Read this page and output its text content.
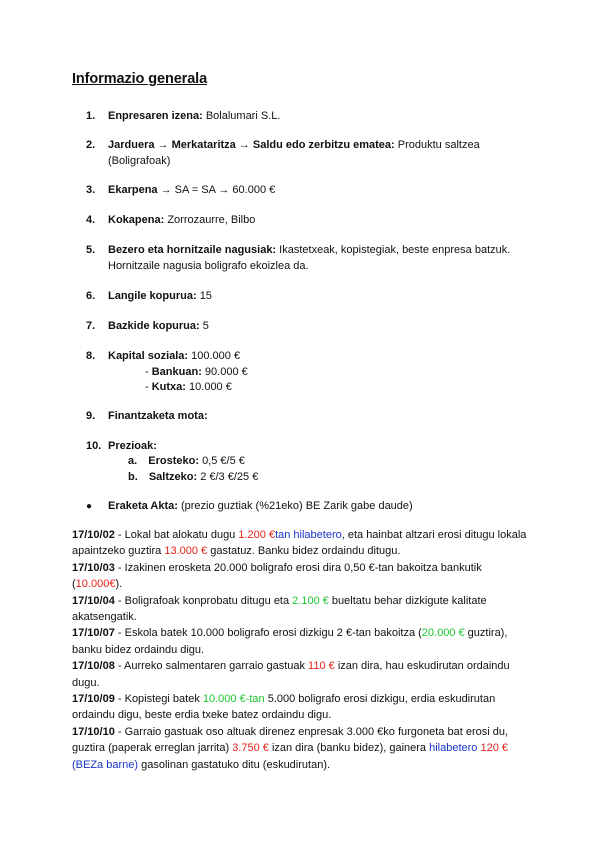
Informazio generala
1. Enpresaren izena: Bolalumari S.L.
2. Jarduera → Merkataritza → Saldu edo zerbitzu ematea: Produktu saltzea (Boligrafoak)
3. Ekarpena → SA = SA → 60.000 €
4. Kokapena: Zorrozaurre, Bilbo
5. Bezero eta hornitzaile nagusiak: Ikastetxeak, kopistegiak, beste enpresa batzuk. Hornitzaile nagusia boligrafo ekoizlea da.
6. Langile kopurua: 15
7. Bazkide kopurua: 5
8. Kapital soziala: 100.000 €
- Bankuan: 90.000 €
- Kutxa: 10.000 €
9. Finantzaketa mota:
10. Prezioak:
a. Erosteko: 0,5 €/5 €
b. Saltzeko: 2 €/3 €/25 €
● Eraketa Akta: (prezio guztiak (%21eko) BE Zarik gabe daude)
17/10/02 - Lokal bat alokatu dugu 1.200 €tan hilabetero, eta hainbat altzari erosi ditugu lokala apaintzeko guztira 13.000 € gastatuz. Banku bidez ordaindu ditugu.
17/10/03 - Izakinen erosketa 20.000 boligrafo erosi dira 0,50 €-tan bakoitza bankutik (10.000€).
17/10/04 - Boligrafoak konprobatu ditugu eta 2.100 € bueltatu behar dizkigute kalitate akatsengatik.
17/10/07 - Eskola batek 10.000 boligrafo erosi dizkigu 2 €-tan bakoitza (20.000 € guztira), banku bidez ordaindu digu.
17/10/08 - Aurreko salmentaren garraio gastuak 110 € izan dira, hau eskudirutan ordaindu dugu.
17/10/09 - Kopistegi batek 10.000 €-tan 5.000 boligrafo erosi dizkigu, erdia eskudirutan ordaindu digu, beste erdia txeke batez ordaindu digu.
17/10/10 - Garraio gastuak oso altuak direnez enpresak 3.000 €ko furgoneta bat erosi du, guztira (paperak erreglan jarrita) 3.750 € izan dira (banku bidez), gainera hilabetero 120 € (BEZa barne) gasolinan gastatuko ditu (eskudirutan).
